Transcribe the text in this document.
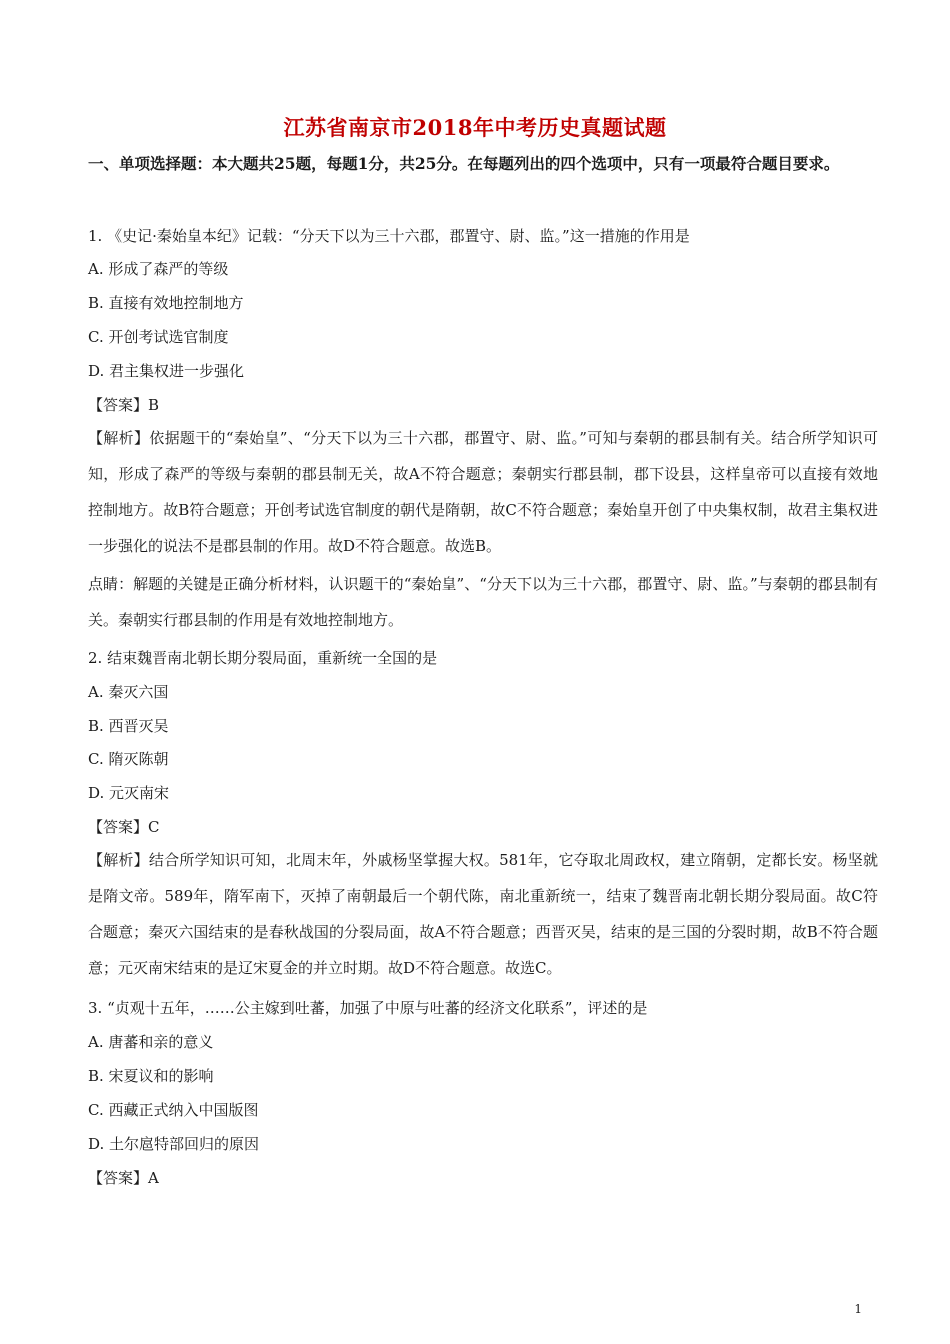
江苏省南京市2018年中考历史真题试题
一、单项选择题：本大题共25题，每题1分，共25分。在每题列出的四个选项中，只有一项最符合题目要求。
1. 《史记·秦始皇本纪》记载：“分天下以为三十六郡，郡置守、尉、监。”这一措施的作用是
A. 形成了森严的等级
B. 直接有效地控制地方
C. 开创考试选官制度
D. 君主集权进一步强化
【答案】B
【解析】依据题干的“秦始皇”、“分天下以为三十六郡，郡置守、尉、监。”可知与秦朝的郡县制有关。结合所学知识可知，形成了森严的等级与秦朝的郡县制无关，故A不符合题意；秦朝实行郡县制，郡下设县，这样皇帝可以直接有效地控制地方。故B符合题意；开创考试选官制度的朝代是隋朝，故C不符合题意；秦始皇开创了中央集权制，故君主集权进一步强化的说法不是郡县制的作用。故D不符合题意。故选B。
点睛：解题的关键是正确分析材料，认识题干的“秦始皇”、“分天下以为三十六郡，郡置守、尉、监。”与秦朝的郡县制有关。秦朝实行郡县制的作用是有效地控制地方。
2. 结束魏晋南北朝长期分裂局面，重新统一全国的是
A. 秦灭六国
B. 西晋灭吴
C. 隋灭陈朝
D. 元灭南宋
【答案】C
【解析】结合所学知识可知，北周末年，外戚杨坚掌握大权。581年，它夺取北周政权，建立隋朝，定都长安。杨坚就是隋文帝。589年，隋军南下，灭掉了南朝最后一个朝代陈，南北重新统一，结束了魏晋南北朝长期分裂局面。故C符合题意；秦灭六国结束的是春秋战国的分裂局面，故A不符合题意；西晋灭吴，结束的是三国的分裂时期，故B不符合题意；元灭南宋结束的是辽宋夏金的并立时期。故D不符合题意。故选C。
3. “贞观十五年，……公主嫁到吐蕃，加强了中原与吐蕃的经济文化联系”，评述的是
A. 唐蕃和亲的意义
B. 宋夏议和的影响
C. 西藏正式纳入中国版图
D. 土尔扈特部回归的原因
【答案】A
1
